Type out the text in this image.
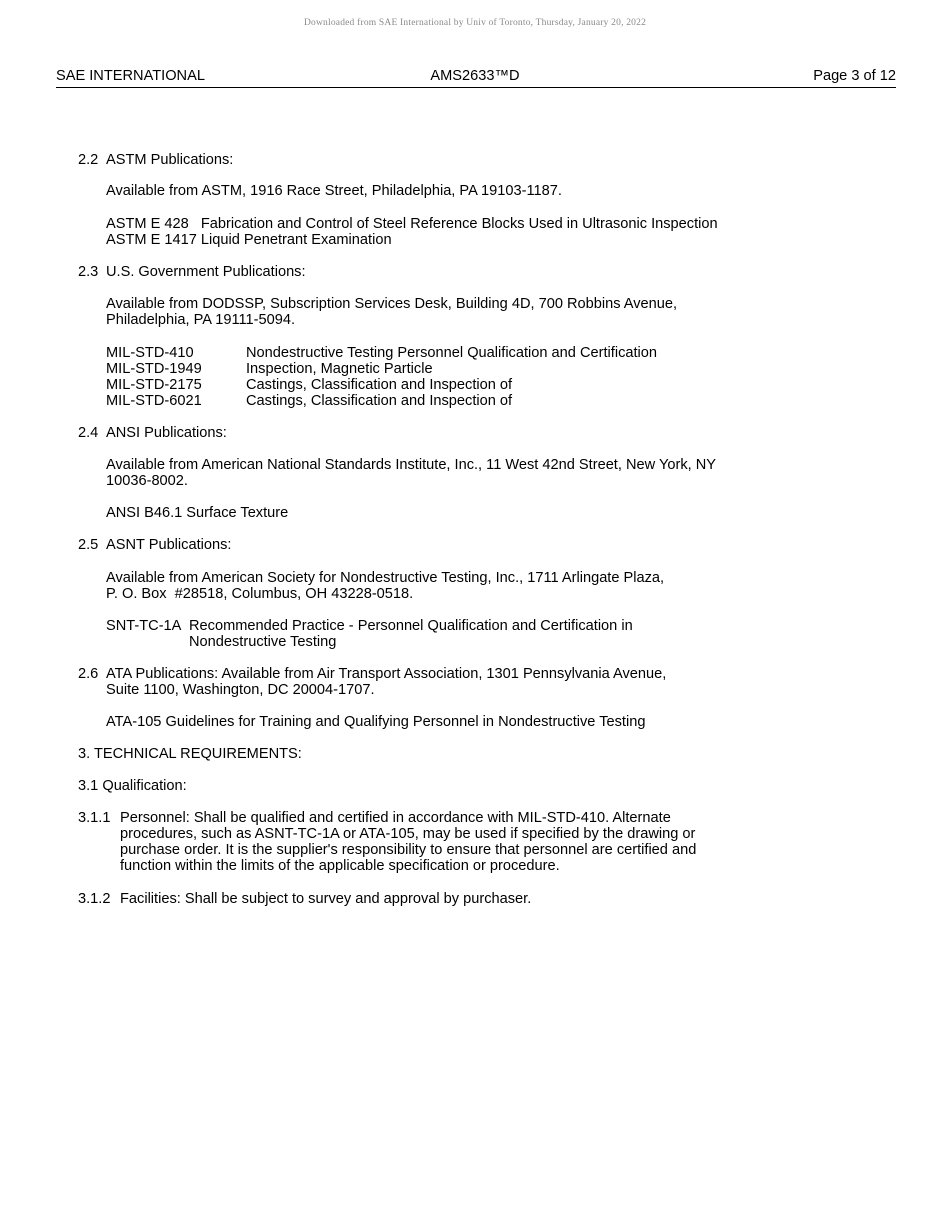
Downloaded from SAE International by Univ of Toronto, Thursday, January 20, 2022
SAE INTERNATIONAL	AMS2633™D	Page 3 of 12
2.2 ASTM Publications:
Available from ASTM, 1916 Race Street, Philadelphia, PA 19103-1187.
ASTM E 428   Fabrication and Control of Steel Reference Blocks Used in Ultrasonic Inspection
ASTM E 1417 Liquid Penetrant Examination
2.3 U.S. Government Publications:
Available from DODSSP, Subscription Services Desk, Building 4D, 700 Robbins Avenue,
Philadelphia, PA 19111-5094.
MIL-STD-410	Nondestructive Testing Personnel Qualification and Certification
MIL-STD-1949	Inspection, Magnetic Particle
MIL-STD-2175	Castings, Classification and Inspection of
MIL-STD-6021	Castings, Classification and Inspection of
2.4 ANSI Publications:
Available from American National Standards Institute, Inc., 11 West 42nd Street, New York, NY
10036-8002.
ANSI B46.1 Surface Texture
2.5 ASNT Publications:
Available from American Society for Nondestructive Testing, Inc., 1711 Arlingate Plaza,
P. O. Box  #28518, Columbus, OH 43228-0518.
SNT-TC-1A Recommended Practice - Personnel Qualification and Certification in
Nondestructive Testing
2.6 ATA Publications: Available from Air Transport Association, 1301 Pennsylvania Avenue,
Suite 1100, Washington, DC 20004-1707.
ATA-105 Guidelines for Training and Qualifying Personnel in Nondestructive Testing
3. TECHNICAL REQUIREMENTS:
3.1 Qualification:
3.1.1 Personnel: Shall be qualified and certified in accordance with MIL-STD-410. Alternate
procedures, such as ASNT-TC-1A or ATA-105, may be used if specified by the drawing or
purchase order. It is the supplier's responsibility to ensure that personnel are certified and
function within the limits of the applicable specification or procedure.
3.1.2 Facilities: Shall be subject to survey and approval by purchaser.
